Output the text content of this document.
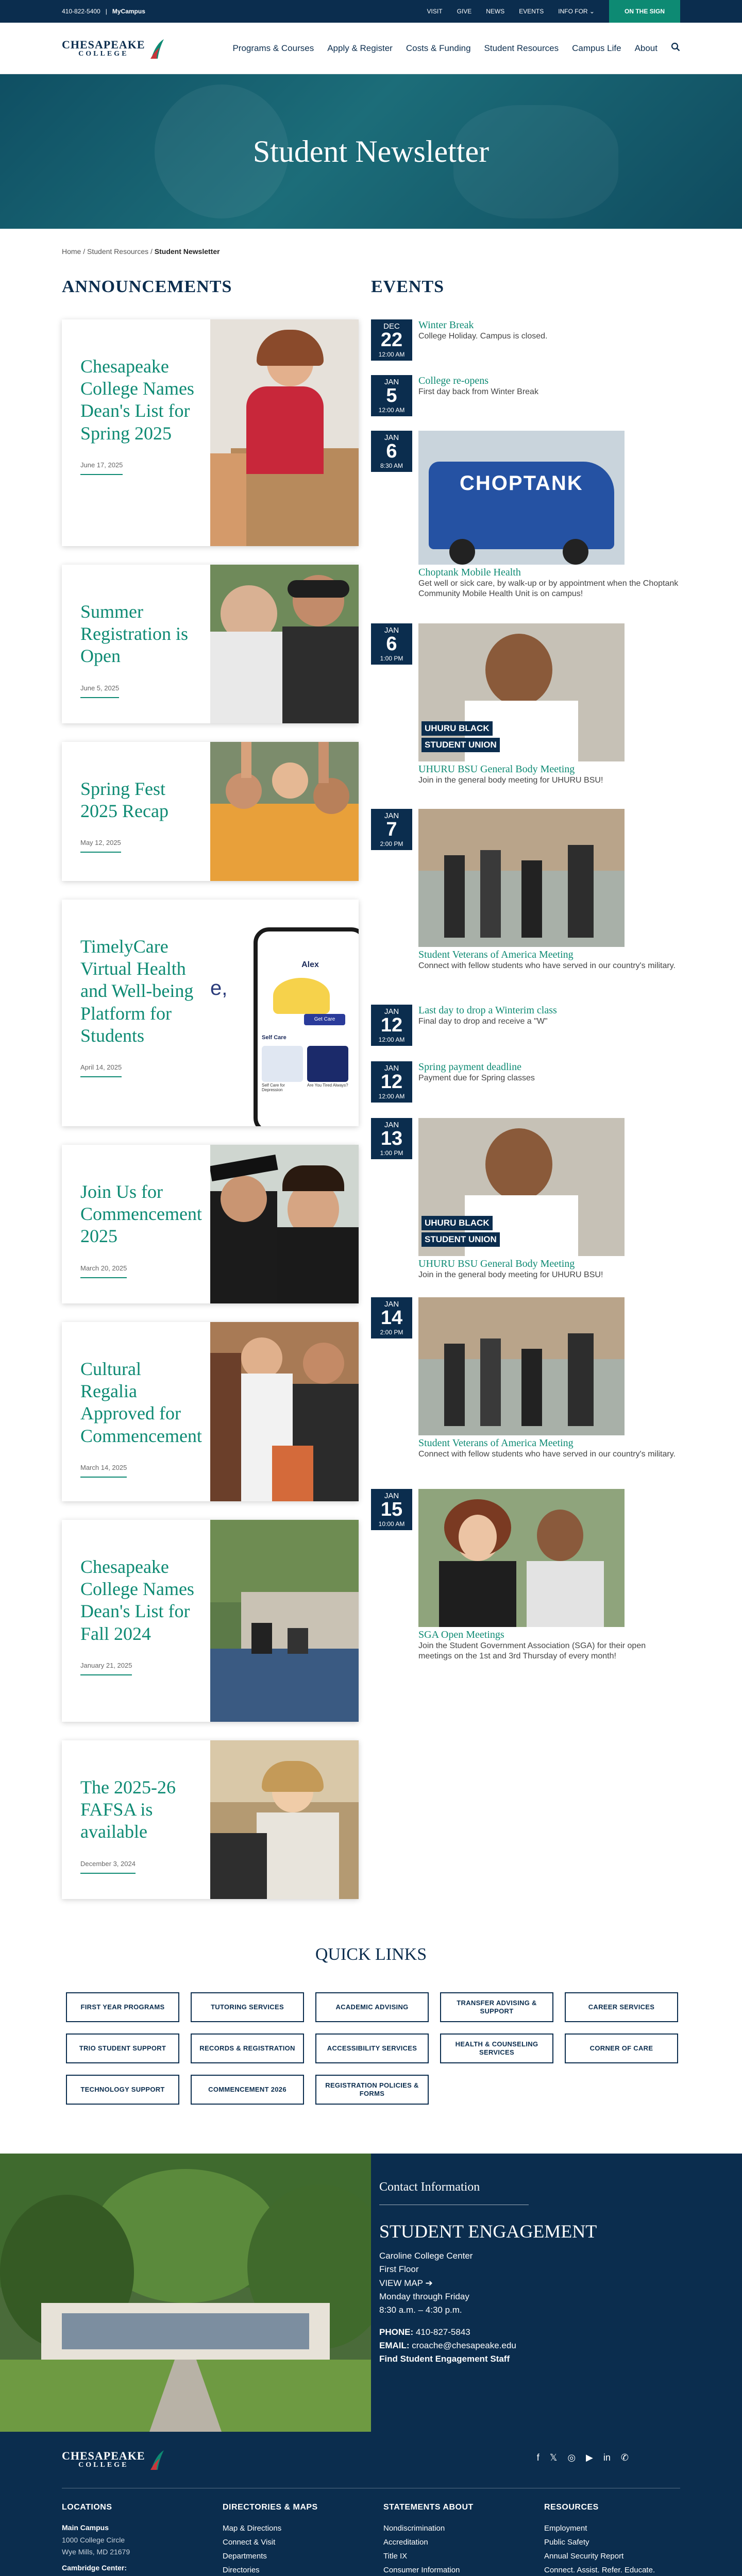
410-822-5400 | MyCampus	VISIT GIVE NEWS EVENTS INFO FOR ⌄	ON THE SIGN
CHESAPEAKE
COLLEGE
Programs & Courses Apply & Register Costs & Funding Student Resources Campus Life About
Student Newsletter
Home / Student Resources / Student Newsletter
ANNOUNCEMENTS	EVENTS
Chesapeake College Names Dean's List for Spring 2025
June 17, 2025
Summer Registration is Open
June 5, 2025
Spring Fest 2025 Recap
May 12, 2025
TimelyCare Virtual Health and Well-being Platform for Students
April 14, 2025
e,
Alex
Get Care
Self Care
Self Care for Depression
Are You Tired Always?
Join Us for Commencement 2025
March 20, 2025
Cultural Regalia Approved for Commencement
March 14, 2025
Chesapeake College Names Dean's List for Fall 2024
January 21, 2025
The 2025-26 FAFSA is available
December 3, 2024
DEC
22
12:00 AM
Winter Break
College Holiday. Campus is closed.
JAN
5
12:00 AM
College re-opens
First day back from Winter Break
JAN
6
8:30 AM
CHOPTANK
Choptank Mobile Health
Get well or sick care, by walk-up or by appointment when the Choptank Community Mobile Health Unit is on campus!
JAN
6
1:00 PM
UHURU BLACK
STUDENT UNION
UHURU BSU General Body Meeting
Join in the general body meeting for UHURU BSU!
JAN
7
2:00 PM
Student Veterans of America Meeting
Connect with fellow students who have served in our country's military.
JAN
12
12:00 AM
Last day to drop a Winterim class
Final day to drop and receive a "W"
JAN
12
12:00 AM
Spring payment deadline
Payment due for Spring classes
JAN
13
1:00 PM
UHURU BLACK
STUDENT UNION
UHURU BSU General Body Meeting
Join in the general body meeting for UHURU BSU!
JAN
14
2:00 PM
Student Veterans of America Meeting
Connect with fellow students who have served in our country's military.
JAN
15
10:00 AM
SGA Open Meetings
Join the Student Government Association (SGA) for their open meetings on the 1st and 3rd Thursday of every month!
QUICK LINKS
FIRST YEAR PROGRAMS	TUTORING SERVICES	ACADEMIC ADVISING
TRANSFER ADVISING & SUPPORT
CAREER SERVICES
TRIO STUDENT SUPPORT	RECORDS & REGISTRATION	ACCESSIBILITY SERVICES
HEALTH & COUNSELING SERVICES
CORNER OF CARE
TECHNOLOGY SUPPORT	COMMENCEMENT 2026
REGISTRATION POLICIES & FORMS
Contact Information
STUDENT ENGAGEMENT

Caroline College Center

First Floor

VIEW MAP ➔

Monday through Friday

8:30 a.m. – 4:30 p.m.

PHONE: 410-827-5843

EMAIL: croache@chesapeake.edu

Find Student Engagement Staff

CHESAPEAKE
COLLEGE
f 𝕏 ◎ ▶ in ✆
LOCATIONS
Main Campus
1000 College Circle
Wye Mills, MD 21679
Cambridge Center:
DIRECTORIES & MAPS
Map & Directions
Connect & Visit
Departments
Directories
STATEMENTS ABOUT
Nondiscrimination
Accreditation
Title IX
Consumer Information
RESOURCES
Employment
Public Safety
Annual Security Report
Connect. Assist. Refer. Educate.
